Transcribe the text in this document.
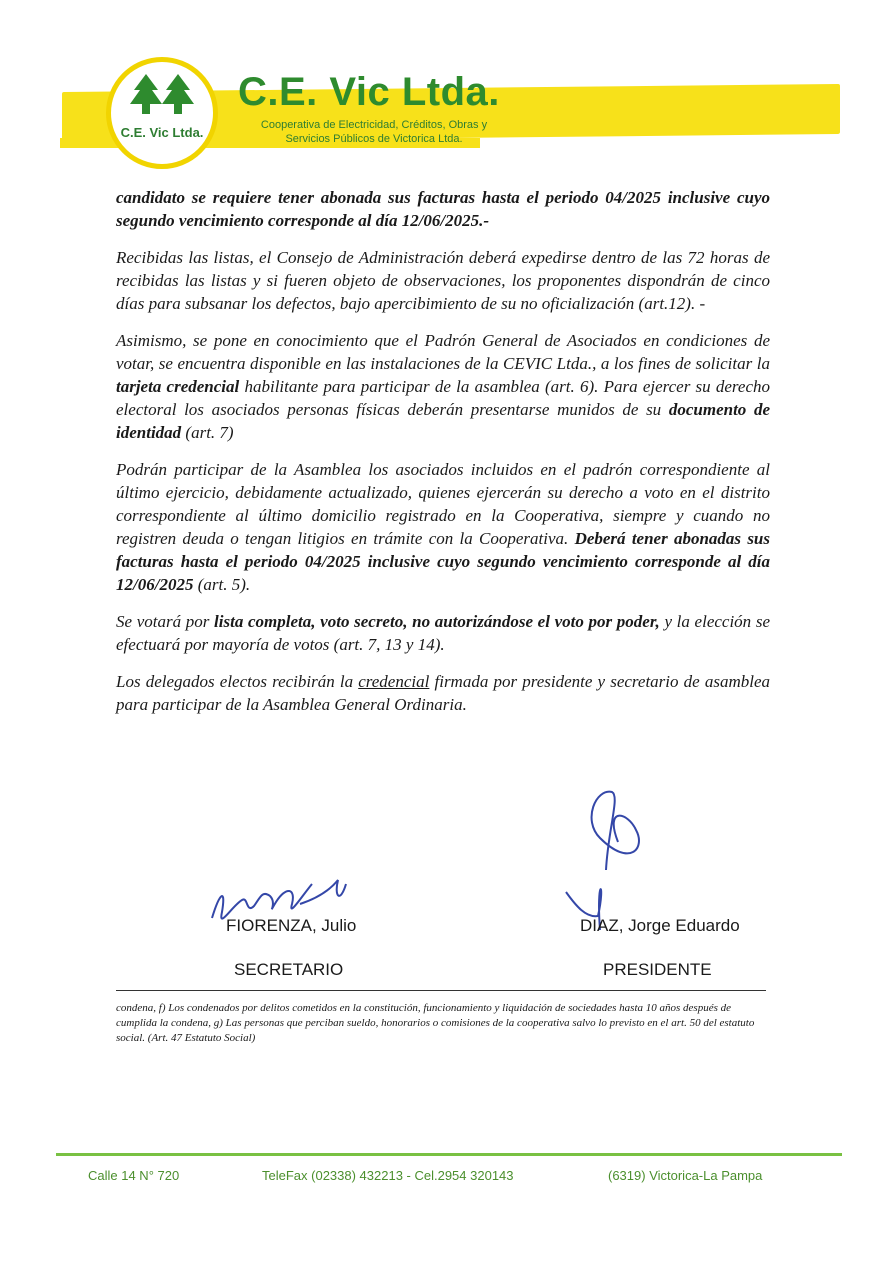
C.E. Vic Ltda.
C.E. Vic Ltda.
Cooperativa de Electricidad, Créditos, Obras y
Servicios Públicos de Victorica Ltda.

candidato se requiere tener abonada sus facturas hasta el periodo 04/2025 inclusive cuyo segundo vencimiento corresponde al día 12/06/2025.-

Recibidas las listas, el Consejo de Administración deberá expedirse dentro de las 72 horas de recibidas las listas y si fueren objeto de observaciones, los proponentes dispondrán de cinco días para subsanar los defectos, bajo apercibimiento de su no oficialización (art.12). -

Asimismo, se pone en conocimiento que el Padrón General de Asociados en condiciones de votar, se encuentra disponible en las instalaciones de la CEVIC Ltda., a los fines de solicitar la tarjeta credencial habilitante para participar de la asamblea (art. 6). Para ejercer su derecho electoral los asociados personas físicas deberán presentarse munidos de su documento de identidad (art. 7)

Podrán participar de la Asamblea los asociados incluidos en el padrón correspondiente al último ejercicio, debidamente actualizado, quienes ejercerán su derecho a voto en el distrito correspondiente al último domicilio registrado en la Cooperativa, siempre y cuando no registren deuda o tengan litigios en trámite con la Cooperativa. Deberá tener abonadas sus facturas hasta el periodo 04/2025 inclusive cuyo segundo vencimiento corresponde al día 12/06/2025 (art. 5).

Se votará por lista completa, voto secreto, no autorizándose el voto por poder, y la elección se efectuará por mayoría de votos (art. 7, 13 y 14).

Los delegados electos recibirán la credencial firmada por presidente y secretario de asamblea para participar de la Asamblea General Ordinaria.

FIORENZA, Julio
SECRETARIO
DIAZ, Jorge Eduardo
PRESIDENTE
condena, f) Los condenados por delitos cometidos en la constitución, funcionamiento y liquidación de sociedades hasta 10 años después de cumplida la condena, g) Las personas que perciban sueldo, honorarios o comisiones de la cooperativa salvo lo previsto en el art. 50 del estatuto social. (Art. 47 Estatuto Social)
Calle 14 N° 720	TeleFax (02338) 432213 - Cel.2954 320143	(6319) Victorica-La Pampa
